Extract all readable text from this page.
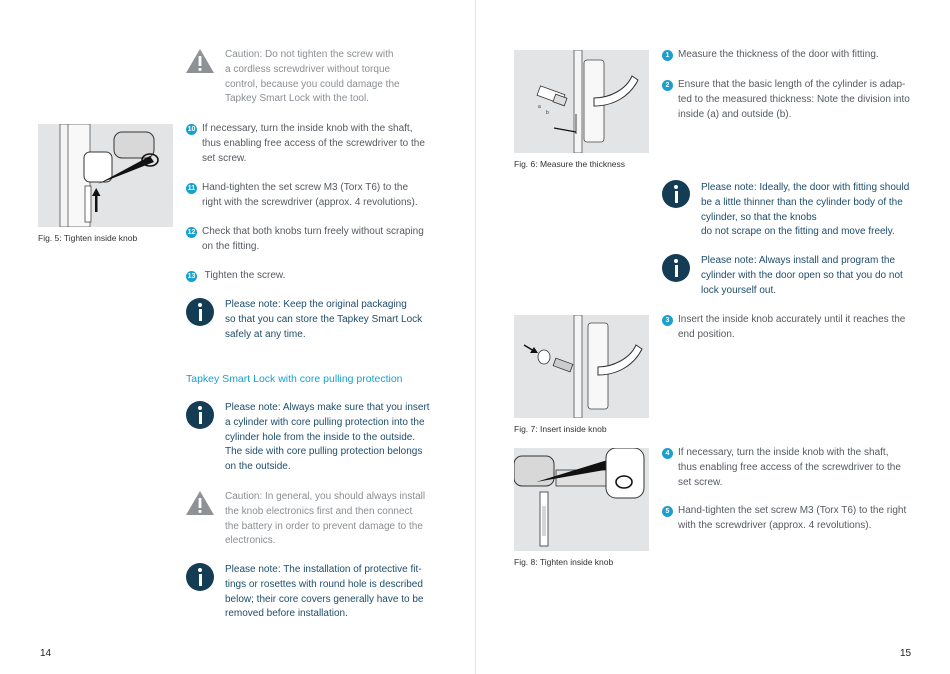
Caution: Do not tighten the screw with
a cordless screwdriver without torque
control, because you could damage the
Tapkey Smart Lock with the tool.
Fig. 5: Tighten inside knob
10 If necessary, turn the inside knob with the shaft,
thus enabling free access of the screwdriver to the
set screw.
11 Hand-tighten the set screw M3 (Torx T6) to the
right with the screwdriver (approx. 4 revolutions).
12 Check that both knobs turn freely without scraping
on the fitting.
13 Tighten the screw.
Please note: Keep the original packaging
so that you can store the Tapkey Smart Lock
safely at any time.
Tapkey Smart Lock with core pulling protection
Please note: Always make sure that you insert
a cylinder with core pulling protection into the
cylinder hole from the inside to the outside.
The side with core pulling protection belongs
on the outside.
Caution: In general, you should always install
the knob electronics first and then connect
the battery in order to prevent damage to the
electronics.
Please note: The installation of protective fit-
tings or rosettes with round hole is described
below; their core covers generally have to be
removed before installation.
14
a
b
Fig. 6: Measure the thickness
1 Measure the thickness of the door with fitting.
2 Ensure that the basic length of the cylinder is adap-
ted to the measured thickness: Note the division into
inside (a) and outside (b).
Please note: Ideally, the door with fitting should
be a little thinner than the cylinder body of the
cylinder, so that the knobs
do not scrape on the fitting and move freely.
Please note: Always install and program the
cylinder with the door open so that you do not
lock yourself out.
Fig. 7: Insert inside knob
3 Insert the inside knob accurately until it reaches the
end position.
Fig. 8: Tighten inside knob
4 If necessary, turn the inside knob with the shaft,
thus enabling free access of the screwdriver to the
set screw.
5 Hand-tighten the set screw M3 (Torx T6) to the right
with the screwdriver (approx. 4 revolutions).
15
